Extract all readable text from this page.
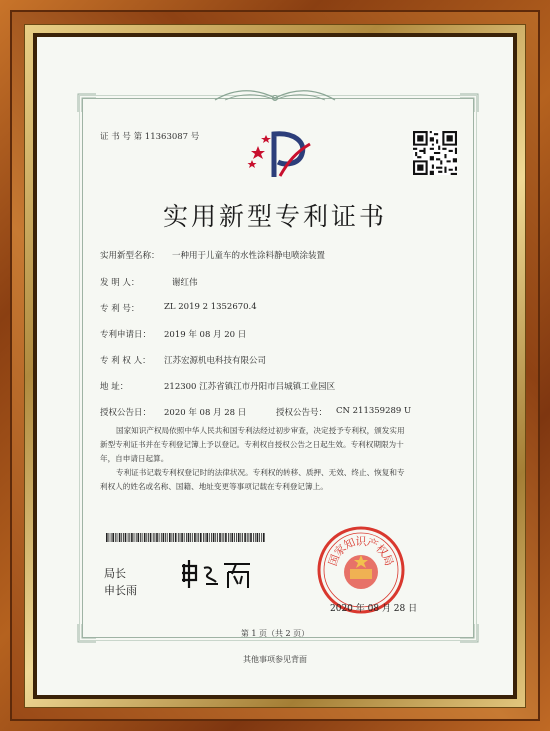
证 书 号 第 11363087 号
实用新型专利证书
实用新型名称： 一种用于儿童车的水性涂料静电喷涂装置
发 明 人：	谢红伟
专 利 号：	ZL 2019 2 1352670.4
专利申请日： 2019 年 08 月 20 日
专 利 权 人： 江苏宏源机电科技有限公司
地 址：	212300 江苏省镇江市丹阳市吕城镇工业园区
授权公告日： 2020 年 08 月 28 日	授权公告号： CN 211359289 U
国家知识产权局依照中华人民共和国专利法经过初步审查，决定授予专利权，颁发实用
新型专利证书并在专利登记簿上予以登记。专利权自授权公告之日起生效。专利权期限为十
年，自申请日起算。
专利证书记载专利权登记时的法律状况。专利权的转移、质押、无效、终止、恢复和专
利权人的姓名或名称、国籍、地址变更等事项记载在专利登记簿上。
局长
申长雨
国
家
知
识
产
权
局
2020 年 08 月 28 日
第 1 页（共 2 页）
其他事项参见背面
